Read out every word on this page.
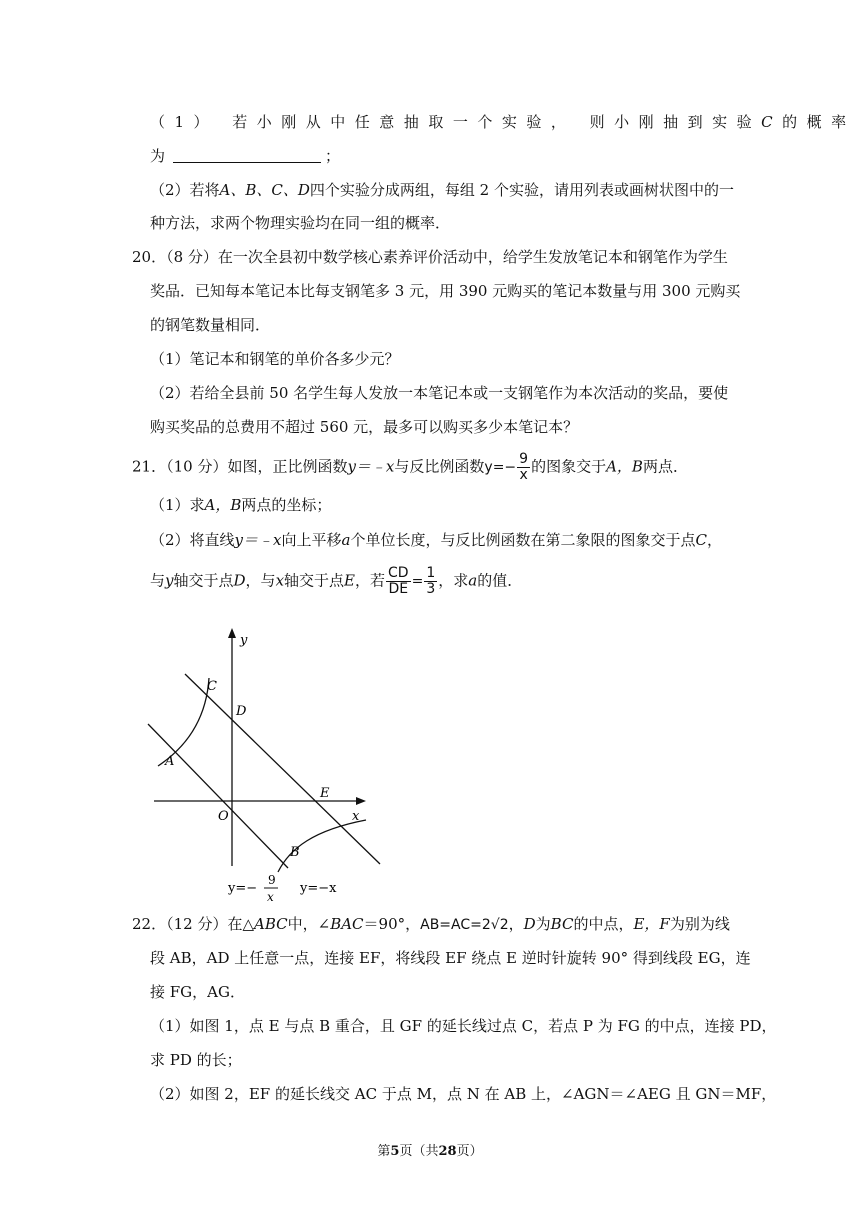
（1） 若小刚从中任意抽取一个实验， 则小刚抽到实验C的概率
为	；
（2）若将A、B、C、D四个实验分成两组，每组 2 个实验，请用列表或画树状图中的一
种方法，求两个物理实验均在同一组的概率．
20．（8 分）在一次全县初中数学核心素养评价活动中，给学生发放笔记本和钢笔作为学生
奖品．已知每本笔记本比每支钢笔多 3 元，用 390 元购买的笔记本数量与用 300 元购买
的钢笔数量相同．
（1）笔记本和钢笔的单价各多少元？
（2）若给全县前 50 名学生每人发放一本笔记本或一支钢笔作为本次活动的奖品，要使
购买奖品的总费用不超过 560 元，最多可以购买多少本笔记本？
21．（10 分）如图，正比例函数y＝﹣x与反比例函数$y=- \frac{9}{x}$ 的图象交于A，B两点．
（1）求A，B两点的坐标；
（2）将直线y＝﹣x向上平移a个单位长度，与反比例函数在第二象限的图象交于点C，
与y轴交于点D，与x轴交于点E，若 $\frac{CD}{DE} = \frac{1}{3}$ ，求a的值．
y
x
O
C
D
A
E
B
y=−
9
x
y=−x
22．（12 分）在△ABC中，∠BAC＝90°，AB=AC=2√2，D为BC的中点，E，F为别为线
段 AB，AD 上任意一点，连接 EF，将线段 EF 绕点 E 逆时针旋转 90° 得到线段 EG，连
接 FG，AG．
（1）如图 1，点 E 与点 B 重合，且 GF 的延长线过点 C，若点 P 为 FG 的中点，连接 PD，
求 PD 的长；
（2）如图 2，EF 的延长线交 AC 于点 M，点 N 在 AB 上，∠AGN＝∠AEG 且 GN＝MF，
第5页（共28页）
